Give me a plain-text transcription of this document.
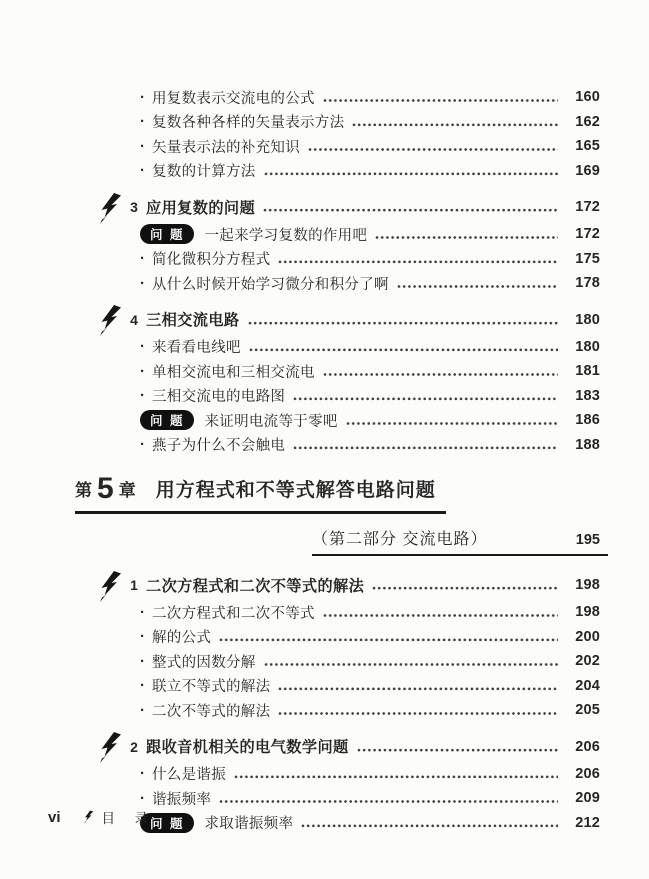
· 用复数表示交流电的公式	160
· 复数各种各样的矢量表示方法	162
· 矢量表示法的补充知识	165
· 复数的计算方法	169
3 应用复数的问题	172
问 题	一起来学习复数的作用吧	172
· 简化微积分方程式	175
· 从什么时候开始学习微分和积分了啊	178
4 三相交流电路	180
· 来看看电线吧	180
· 单相交流电和三相交流电	181
· 三相交流电的电路图	183
问 题	来证明电流等于零吧	186
· 燕子为什么不会触电	188
第 5 章 用方程式和不等式解答电路问题
（第二部分 交流电路）	195
1 二次方程式和二次不等式的解法	198
· 二次方程式和二次不等式	198
· 解的公式	200
· 整式的因数分解	202
· 联立不等式的解法	204
· 二次不等式的解法	205
2 跟收音机相关的电气数学问题	206
· 什么是谐振	206
· 谐振频率	209
问 题	求取谐振频率	212
vi	目 录
